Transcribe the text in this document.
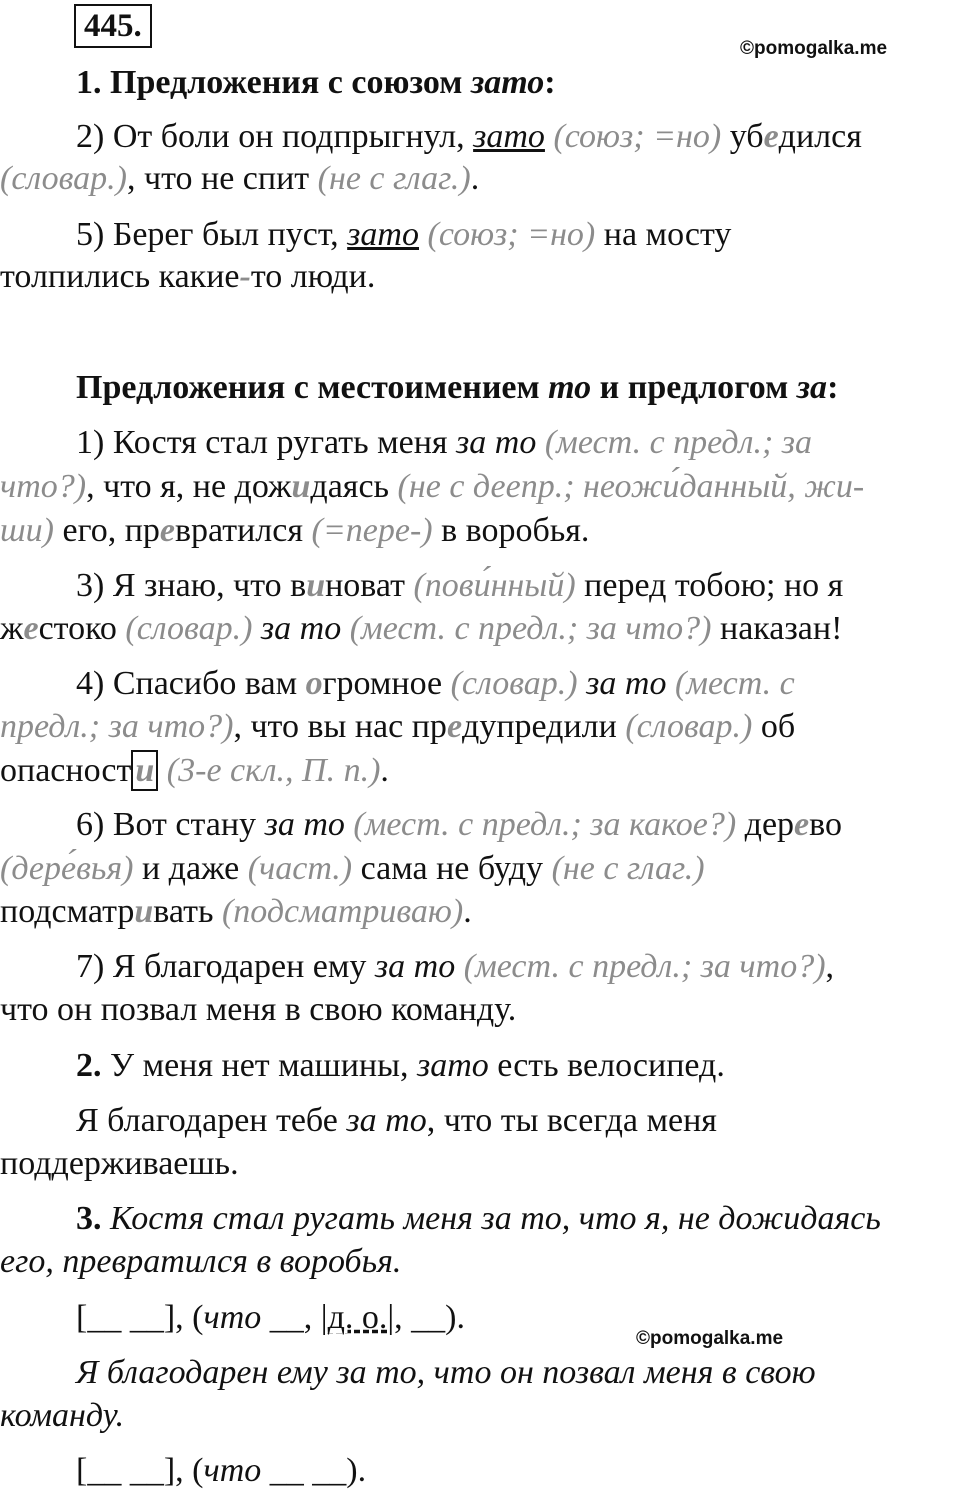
445.
©pomogalka.me
1. Предложения с союзом зато:
2) От боли он подпрыгнул, зато (союз; =но) убедился
(словар.), что не спит (не с глаг.).
5) Берег был пуст, зато (союз; =но) на мосту
толпились какие-то люди.
Предложения с местоимением то и предлогом за:
1) Костя стал ругать меня за то (мест. с предл.; за
что?), что я, не дожидаясь (не с деепр.; неожи́данный, жи-
ши) его, превратился (=пере-) в воробья.
3) Я знаю, что виноват (пови́нный) перед тобою; но я
жестоко (словар.) за то (мест. с предл.; за что?) наказан!
4) Спасибо вам огромное (словар.) за то (мест. с
предл.; за что?), что вы нас предупредили (словар.) об
опасност и (3-е скл., П. п.).
6) Вот стану за то (мест. с предл.; за какое?) дерево
(дере́вья) и даже (част.) сама не буду (не с глаг.)
подсматривать (подсматриваю).
7) Я благодарен ему за то (мест. с предл.; за что?),
что он позвал меня в свою команду.
2. У меня нет машины, зато есть велосипед.
Я благодарен тебе за то, что ты всегда меня
поддерживаешь.
3. Костя стал ругать меня за то, что я, не дожидаясь
его, превратился в воробья.
[__ __], (что __, |д. о.|, __).
©pomogalka.me
Я благодарен ему за то, что он позвал меня в свою
команду.
[__ __], (что __ __).
